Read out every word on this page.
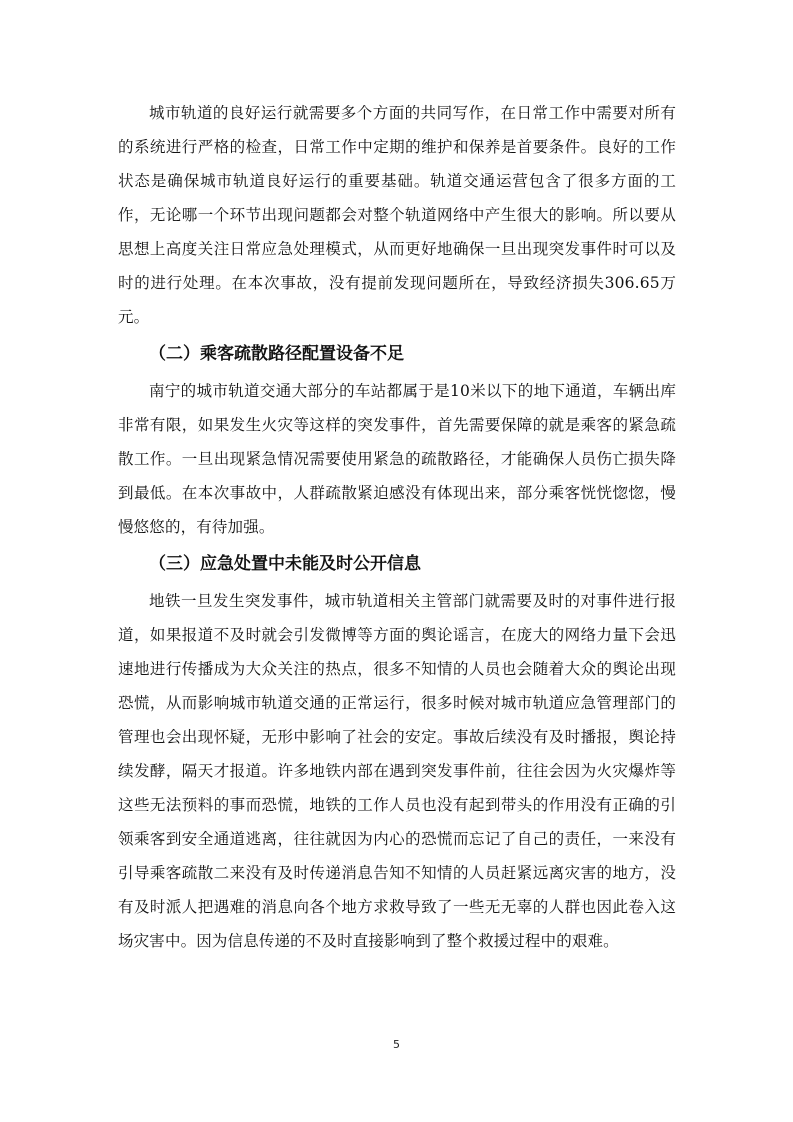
城市轨道的良好运行就需要多个方面的共同写作，在日常工作中需要对所有的系统进行严格的检查，日常工作中定期的维护和保养是首要条件。良好的工作状态是确保城市轨道良好运行的重要基础。轨道交通运营包含了很多方面的工作，无论哪一个环节出现问题都会对整个轨道网络中产生很大的影响。所以要从思想上高度关注日常应急处理模式，从而更好地确保一旦出现突发事件时可以及时的进行处理。在本次事故，没有提前发现问题所在，导致经济损失306.65万元。

（二）乘客疏散路径配置设备不足

南宁的城市轨道交通大部分的车站都属于是10米以下的地下通道，车辆出库非常有限，如果发生火灾等这样的突发事件，首先需要保障的就是乘客的紧急疏散工作。一旦出现紧急情况需要使用紧急的疏散路径，才能确保人员伤亡损失降到最低。在本次事故中，人群疏散紧迫感没有体现出来，部分乘客恍恍惚惚，慢慢悠悠的，有待加强。

（三）应急处置中未能及时公开信息

地铁一旦发生突发事件，城市轨道相关主管部门就需要及时的对事件进行报道，如果报道不及时就会引发微博等方面的舆论谣言，在庞大的网络力量下会迅速地进行传播成为大众关注的热点，很多不知情的人员也会随着大众的舆论出现恐慌，从而影响城市轨道交通的正常运行，很多时候对城市轨道应急管理部门的管理也会出现怀疑，无形中影响了社会的安定。事故后续没有及时播报，舆论持续发酵，隔天才报道。许多地铁内部在遇到突发事件前，往往会因为火灾爆炸等这些无法预料的事而恐慌，地铁的工作人员也没有起到带头的作用没有正确的引领乘客到安全通道逃离，往往就因为内心的恐慌而忘记了自己的责任，一来没有引导乘客疏散二来没有及时传递消息告知不知情的人员赶紧远离灾害的地方，没有及时派人把遇难的消息向各个地方求救导致了一些无无辜的人群也因此卷入这场灾害中。因为信息传递的不及时直接影响到了整个救援过程中的艰难。

5
